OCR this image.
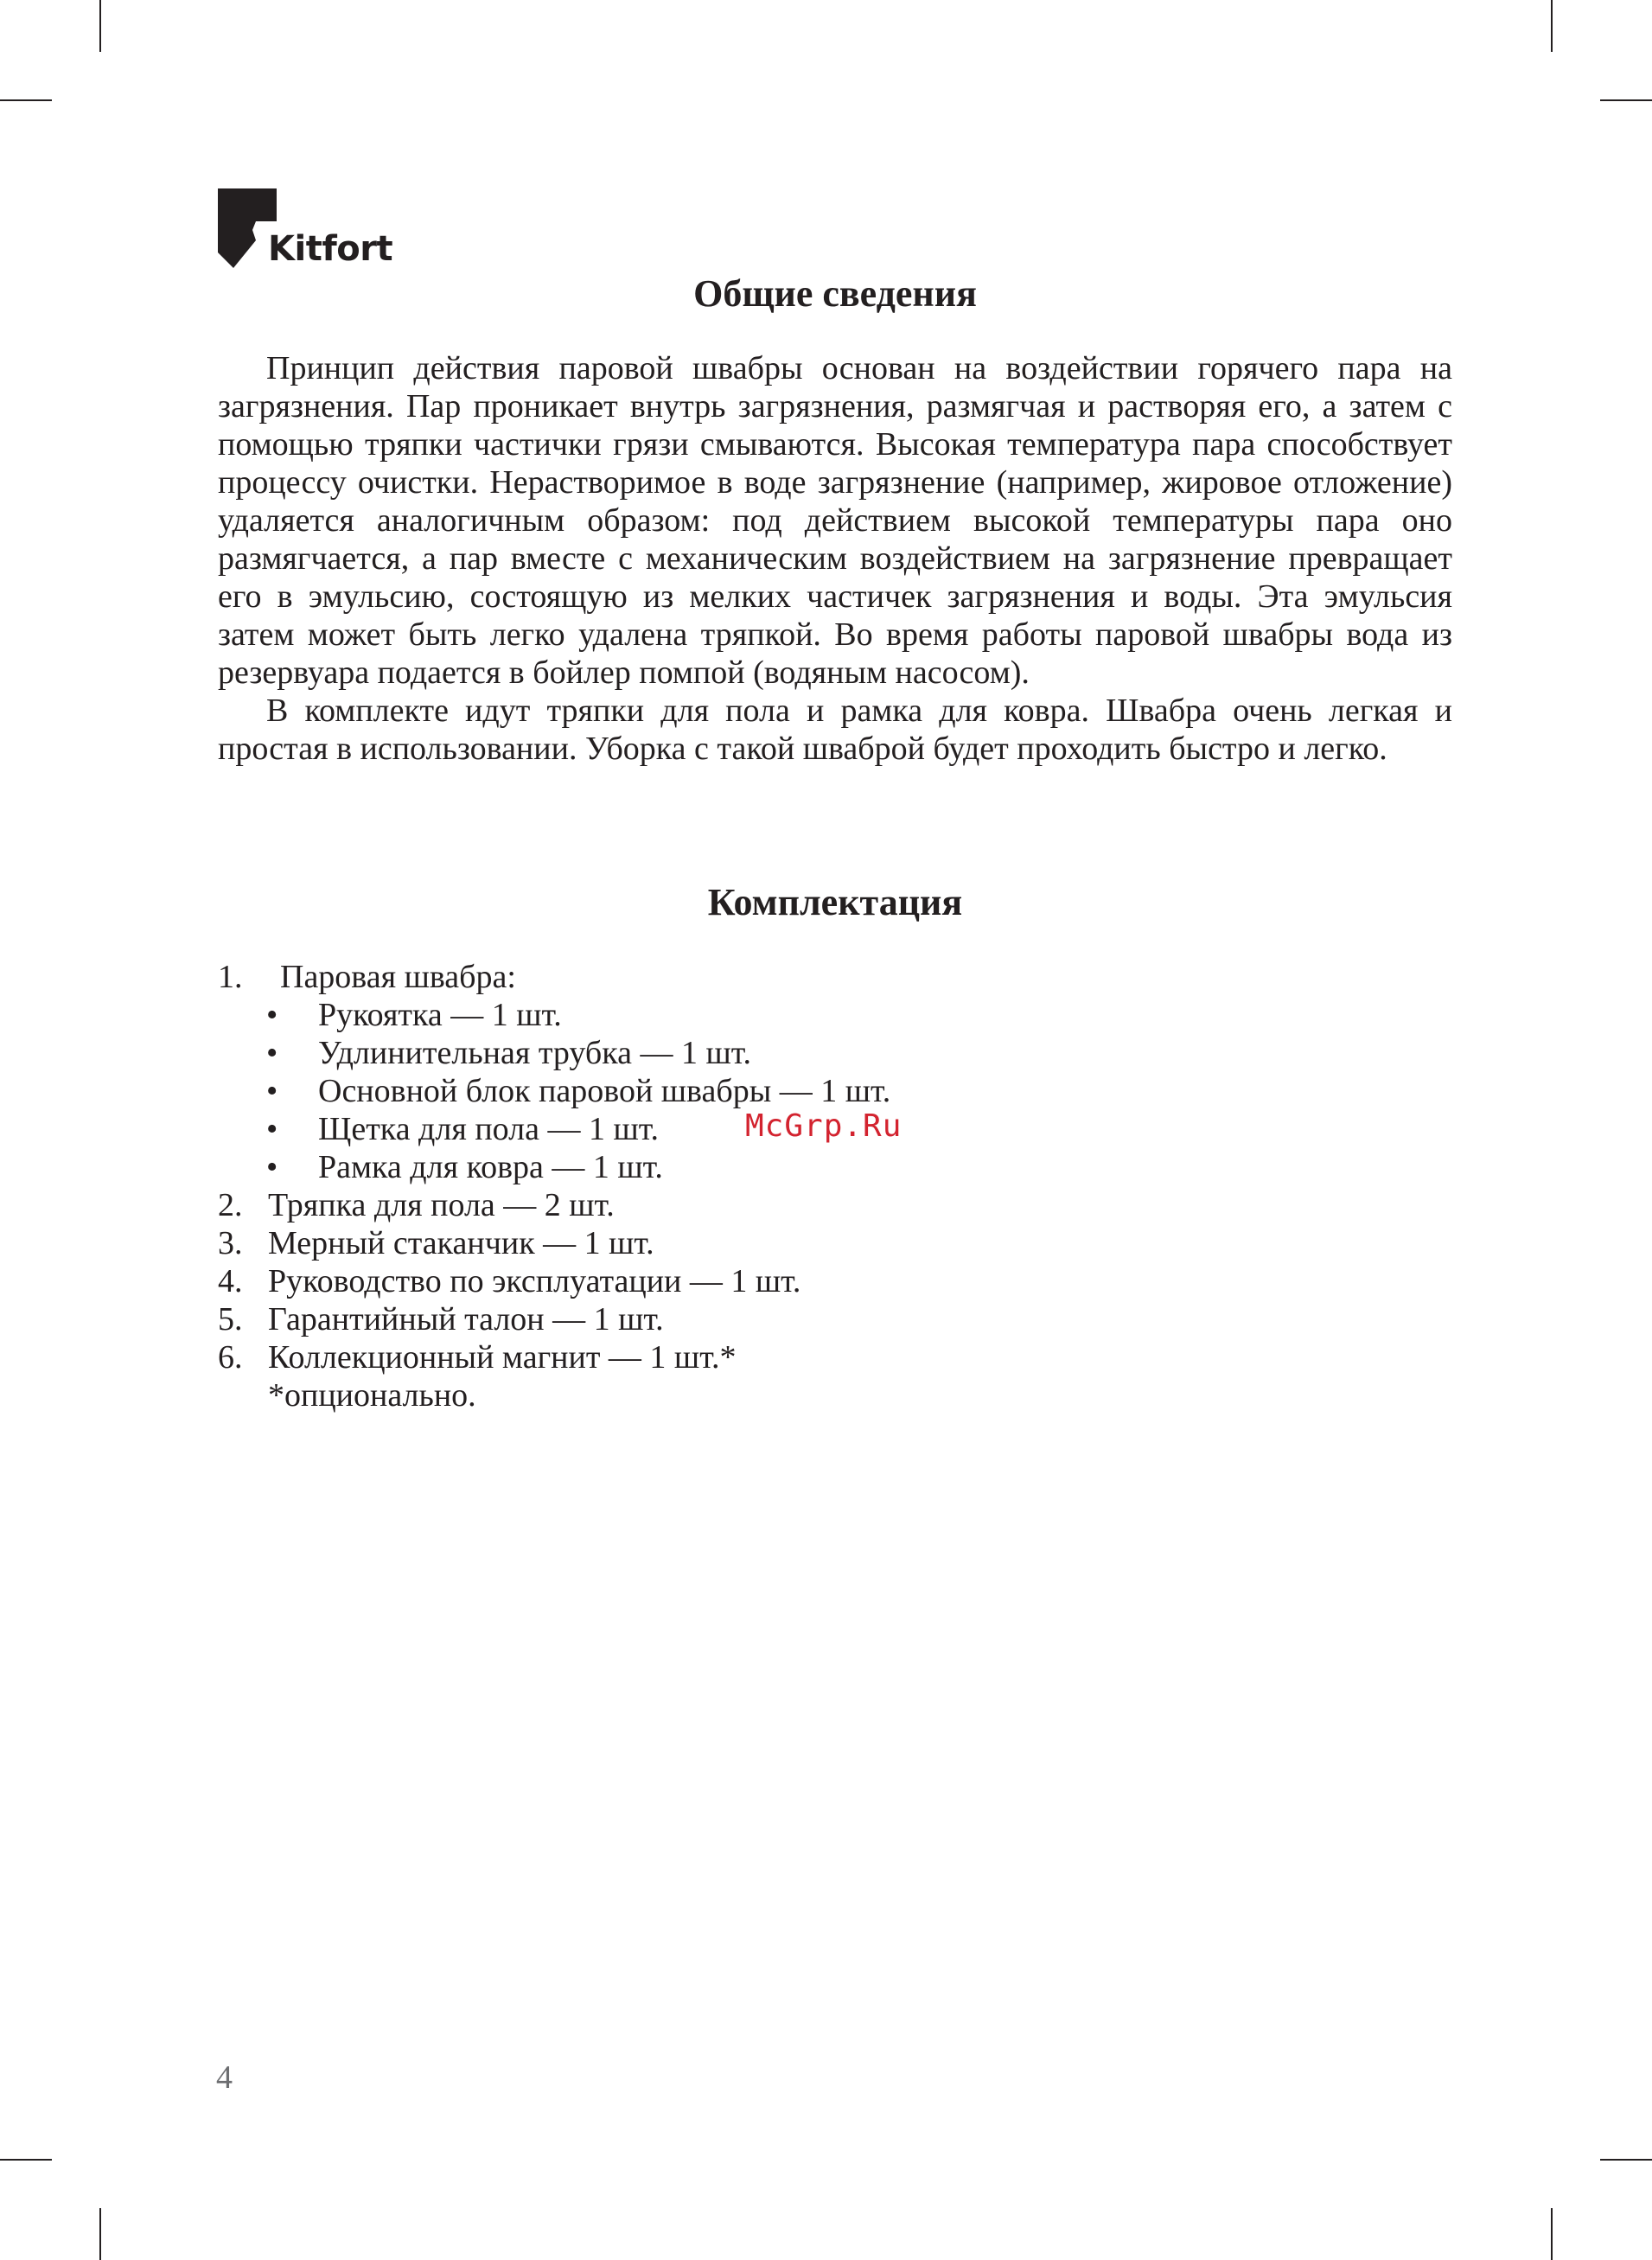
Kitfort
Общие сведения

Принцип действия паровой швабры основан на воздействии горячего пара на загрязнения. Пар проникает внутрь загрязнения, размягчая и растворяя его, а затем с помощью тряпки частички грязи смываются. Высокая температура пара способствует процессу очистки. Нерастворимое в воде загрязнение (например, жировое отложение) удаляется аналогичным образом: под действием высокой температуры пара оно размягчается, а пар вместе с механическим воздействием на загрязнение превращает его в эмульсию, состоящую из мелких частичек загрязнения и воды. Эта эмульсия затем может быть легко удалена тряпкой. Во время работы паровой швабры вода из резервуара подается в бойлер помпой (водяным насосом).

В комплекте идут тряпки для пола и рамка для ковра. Швабра очень легкая и простая в использовании. Уборка с такой шваброй будет проходить быстро и легко.

Комплектация
1. Паровая швабра:
• Рукоятка — 1 шт.
• Удлинительная трубка — 1 шт.
• Основной блок паровой швабры — 1 шт.
• Щетка для пола — 1 шт.
• Рамка для ковра — 1 шт.
2. Тряпка для пола — 2 шт.
3. Мерный стаканчик — 1 шт.
4. Руководство по эксплуатации — 1 шт.
5. Гарантийный талон — 1 шт.
6. Коллекционный магнит — 1 шт.*
*опционально.
McGrp.Ru
4
